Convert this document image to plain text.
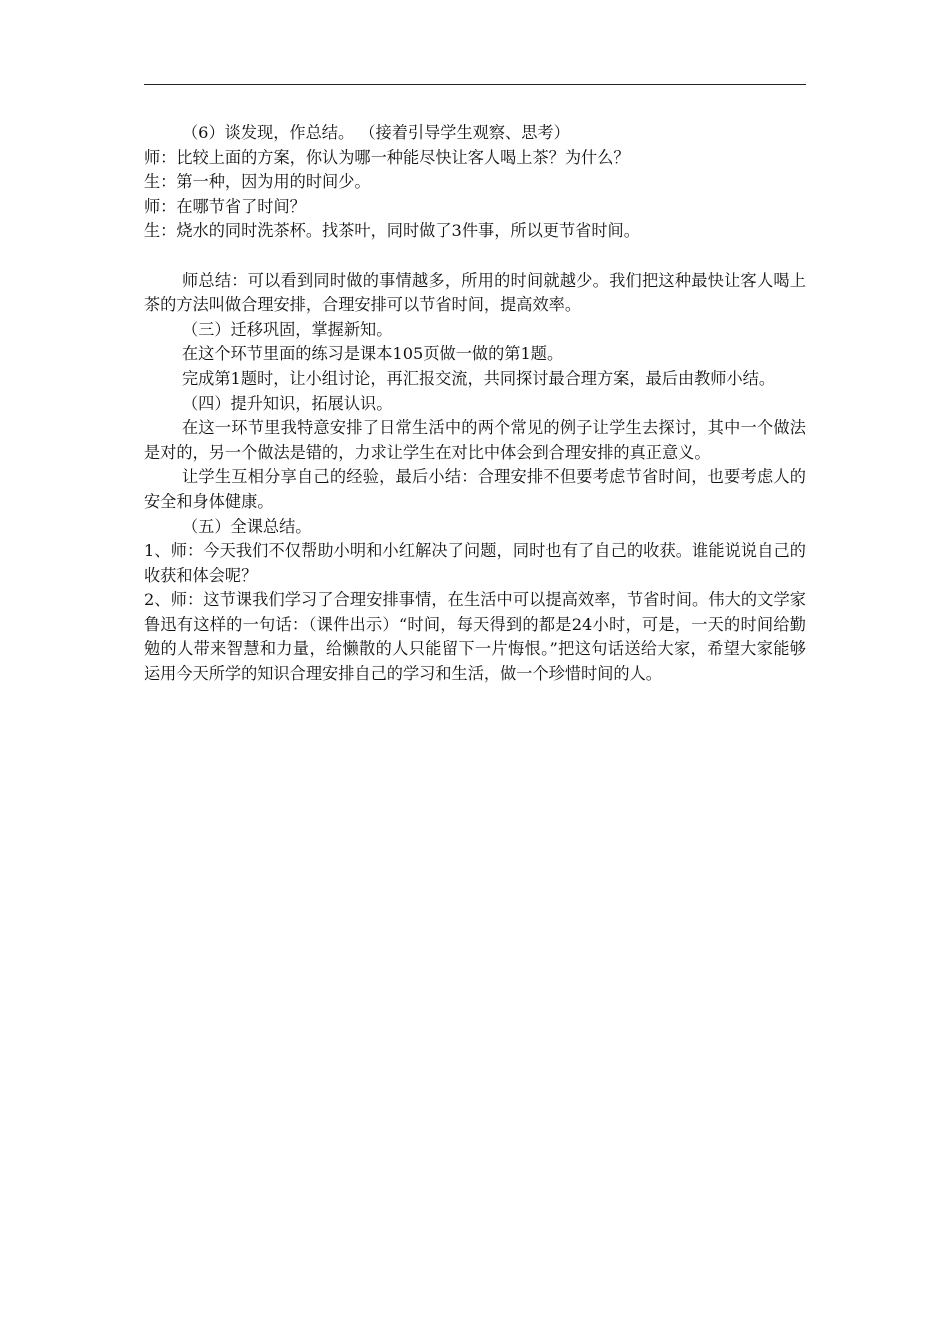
（6）谈发现，作总结。 （接着引导学生观察、思考）
师：比较上面的方案，你认为哪一种能尽快让客人喝上茶？为什么？
生：第一种，因为用的时间少。
师：在哪节省了时间？
生：烧水的同时洗茶杯。找茶叶，同时做了3件事，所以更节省时间。
师总结：可以看到同时做的事情越多，所用的时间就越少。我们把这种最快让客人喝上茶的方法叫做合理安排，合理安排可以节省时间，提高效率。
（三）迁移巩固，掌握新知。
在这个环节里面的练习是课本105页做一做的第1题。
完成第1题时，让小组讨论，再汇报交流，共同探讨最合理方案，最后由教师小结。
（四）提升知识，拓展认识。
在这一环节里我特意安排了日常生活中的两个常见的例子让学生去探讨，其中一个做法是对的，另一个做法是错的，力求让学生在对比中体会到合理安排的真正意义。
让学生互相分享自己的经验，最后小结：合理安排不但要考虑节省时间，也要考虑人的安全和身体健康。
（五）全课总结。
1、师：今天我们不仅帮助小明和小红解决了问题，同时也有了自己的收获。谁能说说自己的收获和体会呢？
2、师：这节课我们学习了合理安排事情，在生活中可以提高效率，节省时间。伟大的文学家鲁迅有这样的一句话：（课件出示）“时间，每天得到的都是24小时，可是，一天的时间给勤勉的人带来智慧和力量，给懒散的人只能留下一片悔恨。”把这句话送给大家，希望大家能够运用今天所学的知识合理安排自己的学习和生活，做一个珍惜时间的人。
